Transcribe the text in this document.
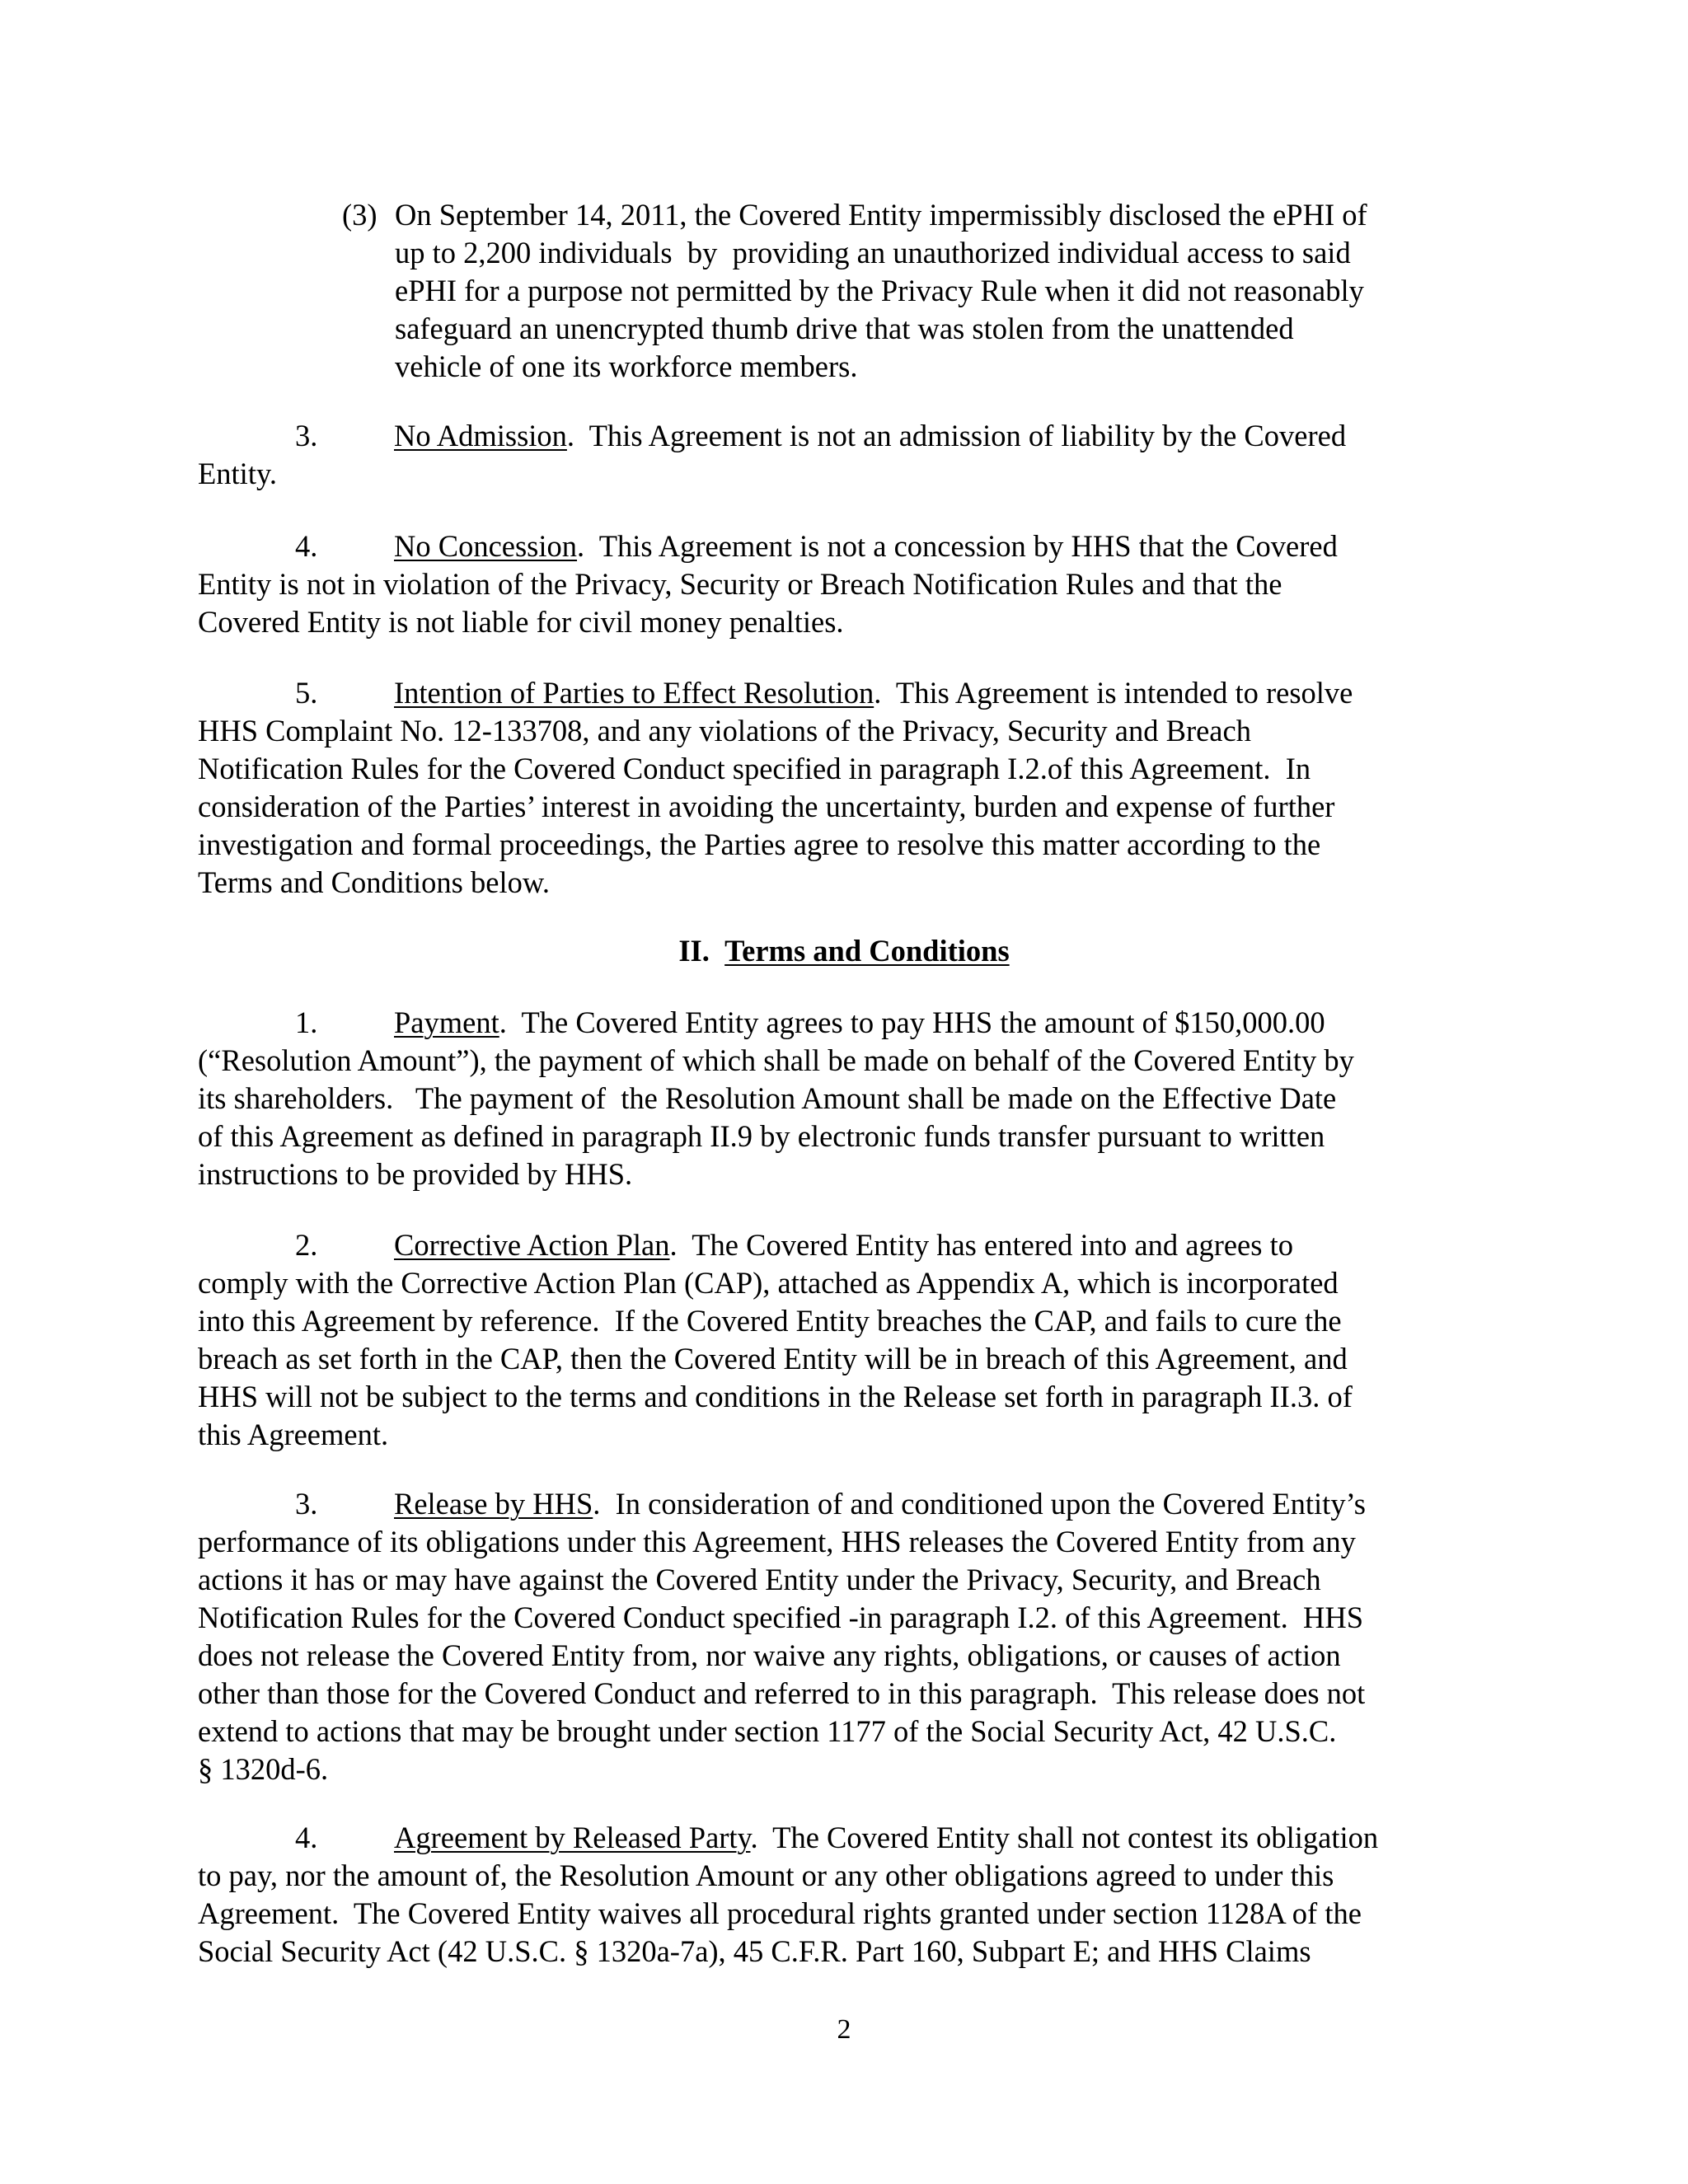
(3) On September 14, 2011, the Covered Entity impermissibly disclosed the ePHI of
up to 2,200 individuals  by  providing an unauthorized individual access to said
ePHI for a purpose not permitted by the Privacy Rule when it did not reasonably
safeguard an unencrypted thumb drive that was stolen from the unattended
vehicle of one its workforce members.
No Admission.  This Agreement is not an admission of liability by the Covered
Entity.
3.
No Concession.  This Agreement is not a concession by HHS that the Covered
Entity is not in violation of the Privacy, Security or Breach Notification Rules and that the
Covered Entity is not liable for civil money penalties.
4.
Intention of Parties to Effect Resolution.  This Agreement is intended to resolve
HHS Complaint No. 12-133708, and any violations of the Privacy, Security and Breach
Notification Rules for the Covered Conduct specified in paragraph I.2.of this Agreement.  In
consideration of the Parties’ interest in avoiding the uncertainty, burden and expense of further
investigation and formal proceedings, the Parties agree to resolve this matter according to the
Terms and Conditions below.
5.
II. Terms and Conditions
Payment.  The Covered Entity agrees to pay HHS the amount of $150,000.00
(“Resolution Amount”), the payment of which shall be made on behalf of the Covered Entity by
its shareholders.   The payment of  the Resolution Amount shall be made on the Effective Date
of this Agreement as defined in paragraph II.9 by electronic funds transfer pursuant to written
instructions to be provided by HHS.
1.
Corrective Action Plan.  The Covered Entity has entered into and agrees to
comply with the Corrective Action Plan (CAP), attached as Appendix A, which is incorporated
into this Agreement by reference.  If the Covered Entity breaches the CAP, and fails to cure the
breach as set forth in the CAP, then the Covered Entity will be in breach of this Agreement, and
HHS will not be subject to the terms and conditions in the Release set forth in paragraph II.3. of
this Agreement.
2.
Release by HHS.  In consideration of and conditioned upon the Covered Entity’s
performance of its obligations under this Agreement, HHS releases the Covered Entity from any
actions it has or may have against the Covered Entity under the Privacy, Security, and Breach
Notification Rules for the Covered Conduct specified -in paragraph I.2. of this Agreement.  HHS
does not release the Covered Entity from, nor waive any rights, obligations, or causes of action
other than those for the Covered Conduct and referred to in this paragraph.  This release does not
extend to actions that may be brought under section 1177 of the Social Security Act, 42 U.S.C.
§ 1320d-6.
3.
Agreement by Released Party.  The Covered Entity shall not contest its obligation
to pay, nor the amount of, the Resolution Amount or any other obligations agreed to under this
Agreement.  The Covered Entity waives all procedural rights granted under section 1128A of the
Social Security Act (42 U.S.C. § 1320a-7a), 45 C.F.R. Part 160, Subpart E; and HHS Claims
4.
2
